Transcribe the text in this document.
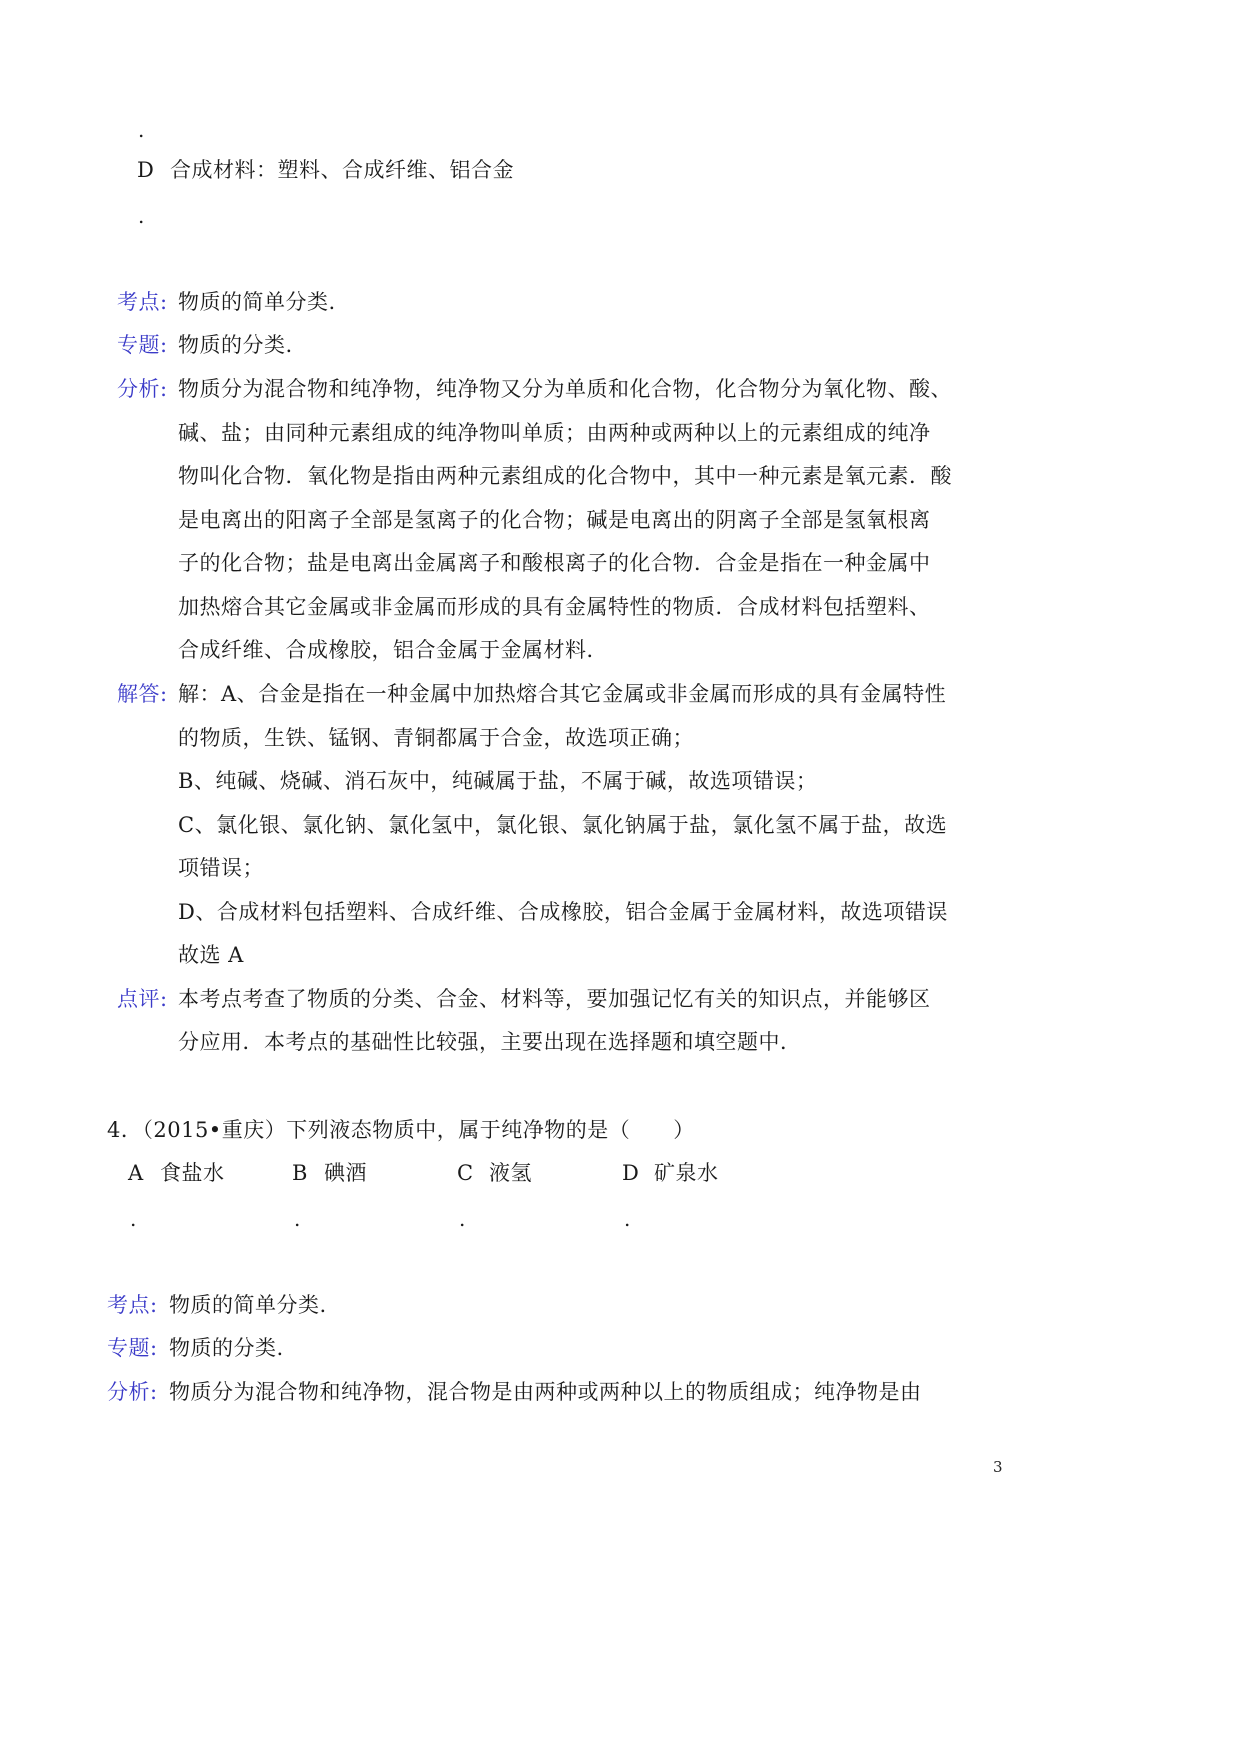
.
D 合成材料：塑料、合成纤维、铝合金
.
考点: 物质的简单分类.
专题: 物质的分类.
分析: 物质分为混合物和纯净物，纯净物又分为单质和化合物，化合物分为氧化物、酸、
碱、盐；由同种元素组成的纯净物叫单质；由两种或两种以上的元素组成的纯净
物叫化合物．氧化物是指由两种元素组成的化合物中，其中一种元素是氧元素．酸
是电离出的阳离子全部是氢离子的化合物；碱是电离出的阴离子全部是氢氧根离
子的化合物；盐是电离出金属离子和酸根离子的化合物．合金是指在一种金属中
加热熔合其它金属或非金属而形成的具有金属特性的物质．合成材料包括塑料、
合成纤维、合成橡胶，铝合金属于金属材料．
解答: 解：A、合金是指在一种金属中加热熔合其它金属或非金属而形成的具有金属特性
的物质，生铁、锰钢、青铜都属于合金，故选项正确；
B、纯碱、烧碱、消石灰中，纯碱属于盐，不属于碱，故选项错误；
C、氯化银、氯化钠、氯化氢中，氯化银、氯化钠属于盐，氯化氢不属于盐，故选
项错误；
D、合成材料包括塑料、合成纤维、合成橡胶，铝合金属于金属材料，故选项错误
故选 A
点评: 本考点考查了物质的分类、合金、材料等，要加强记忆有关的知识点，并能够区
分应用．本考点的基础性比较强，主要出现在选择题和填空题中．
4．（2015•重庆）下列液态物质中，属于纯净物的是（　　）
A 食盐水
.
B 碘酒
.
C 液氢
.
D 矿泉水
.
考点: 物质的简单分类.
专题: 物质的分类.
分析: 物质分为混合物和纯净物，混合物是由两种或两种以上的物质组成；纯净物是由
3
